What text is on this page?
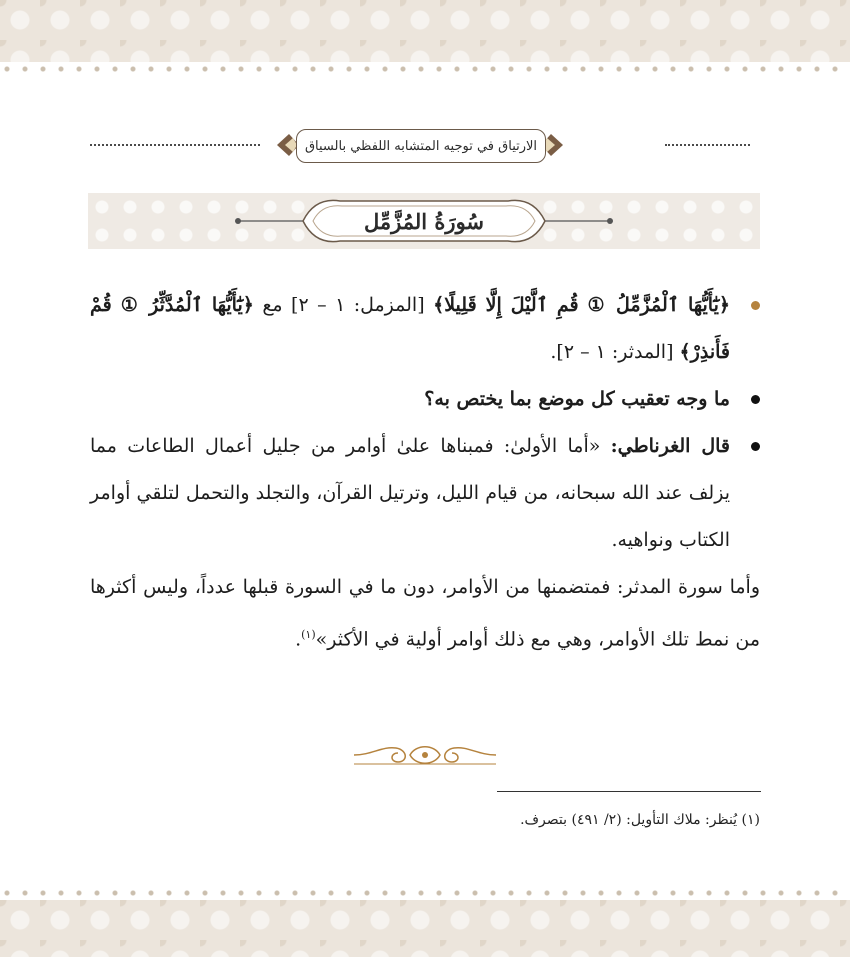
الارتياق في توجيه المتشابه اللفظي بالسياق
سُورَةُ المُزَّمِّل
﴿يَٰٓأَيُّهَا ٱلْمُزَّمِّلُ ① قُمِ ٱلَّيْلَ إِلَّا قَلِيلًا﴾ [المزمل: ١ – ٢] مع ﴿يَٰٓأَيُّهَا ٱلْمُدَّثِّرُ ① قُمْ فَأَنذِرْ﴾ [المدثر: ١ – ٢].
ما وجه تعقيب كل موضع بما يختص به؟
قال الغرناطي: «أما الأولىٰ: فمبناها علىٰ أوامر من جليل أعمال الطاعات مما يزلف عند الله سبحانه، من قيام الليل، وترتيل القرآن، والتجلد والتحمل لتلقي أوامر الكتاب ونواهيه.

وأما سورة المدثر: فمتضمنها من الأوامر، دون ما في السورة قبلها عدداً، وليس أكثرها من نمط تلك الأوامر، وهي مع ذلك أوامر أولية في الأكثر»$^{(١)}$.

(١) يُنظر: ملاك التأويل: (٢/ ٤٩١) بتصرف.
